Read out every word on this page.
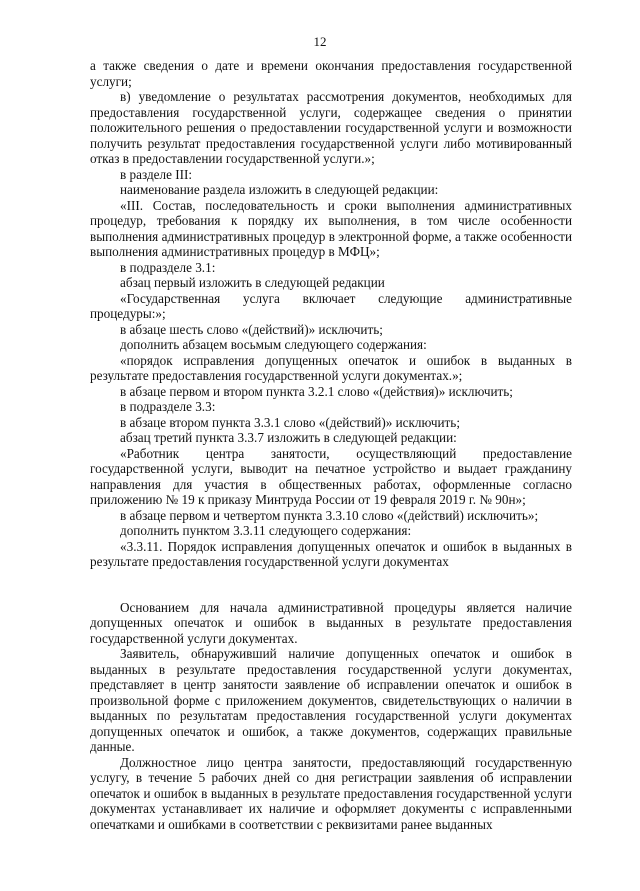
12

а также сведения о дате и времени окончания предоставления государственной услуги;

в) уведомление о результатах рассмотрения документов, необходимых для предоставления государственной услуги, содержащее сведения о принятии положительного решения о предоставлении государственной услуги и возможности получить результат предоставления государственной услуги либо мотивированный отказ в предоставлении государственной услуги.»;

в разделе III:

наименование раздела изложить в следующей редакции:

«III. Состав, последовательность и сроки выполнения административных процедур, требования к порядку их выполнения, в том числе особенности выполнения административных процедур в электронной форме, а также особенности выполнения административных процедур в МФЦ»;

в подразделе 3.1:

абзац первый изложить в следующей редакции

«Государственная услуга включает следующие административные процедуры:»;

в абзаце шесть слово «(действий)» исключить;

дополнить абзацем восьмым следующего содержания:

«порядок исправления допущенных опечаток и ошибок в выданных в результате предоставления государственной услуги документах.»;

в абзаце первом и втором пункта 3.2.1 слово «(действия)» исключить;

в подразделе 3.3:

в абзаце втором пункта 3.3.1 слово «(действий)» исключить;

абзац третий пункта 3.3.7 изложить в следующей редакции:

«Работник центра занятости, осуществляющий предоставление государственной услуги, выводит на печатное устройство и выдает гражданину направления для участия в общественных работах, оформленные согласно приложению № 19 к приказу Минтруда России от 19 февраля 2019 г. № 90н»;

в абзаце первом и четвертом пункта 3.3.10 слово «(действий) исключить»;

дополнить пунктом 3.3.11 следующего содержания:

«3.3.11. Порядок исправления допущенных опечаток и ошибок в выданных в результате предоставления государственной услуги документах

Основанием для начала административной процедуры является наличие допущенных опечаток и ошибок в выданных в результате предоставления государственной услуги документах.

Заявитель, обнаруживший наличие допущенных опечаток и ошибок в выданных в результате предоставления государственной услуги документах, представляет в центр занятости заявление об исправлении опечаток и ошибок в произвольной форме с приложением документов, свидетельствующих о наличии в выданных по результатам предоставления государственной услуги документах допущенных опечаток и ошибок, а также документов, содержащих правильные данные.

Должностное лицо центра занятости, предоставляющий государственную услугу, в течение 5 рабочих дней со дня регистрации заявления об исправлении опечаток и ошибок в выданных в результате предоставления государственной услуги документах устанавливает их наличие и оформляет документы с исправленными опечатками и ошибками в соответствии с реквизитами ранее выданных
